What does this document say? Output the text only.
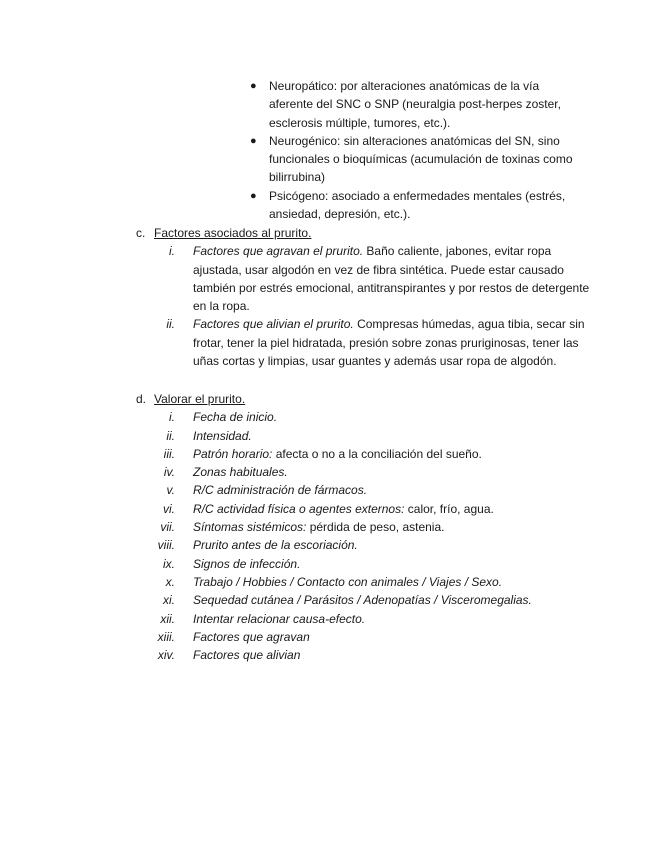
● Neuropático: por alteraciones anatómicas de la vía aferente del SNC o SNP (neuralgia post-herpes zoster, esclerosis múltiple, tumores, etc.).
● Neurogénico: sin alteraciones anatómicas del SN, sino funcionales o bioquímicas (acumulación de toxinas como bilirrubina)
● Psicógeno: asociado a enfermedades mentales (estrés, ansiedad, depresión, etc.).
c. Factores asociados al prurito.
i. Factores que agravan el prurito. Baño caliente, jabones, evitar ropa ajustada, usar algodón en vez de fibra sintética. Puede estar causado también por estrés emocional, antitranspirantes y por restos de detergente en la ropa.
ii. Factores que alivian el prurito. Compresas húmedas, agua tibia, secar sin frotar, tener la piel hidratada, presión sobre zonas pruriginosas, tener las uñas cortas y limpias, usar guantes y además usar ropa de algodón.
d. Valorar el prurito.
i. Fecha de inicio.
ii. Intensidad.
iii. Patrón horario: afecta o no a la conciliación del sueño.
iv. Zonas habituales.
v. R/C administración de fármacos.
vi. R/C actividad física o agentes externos: calor, frío, agua.
vii. Síntomas sistémicos: pérdida de peso, astenia.
viii. Prurito antes de la escoriación.
ix. Signos de infección.
x. Trabajo / Hobbies / Contacto con animales / Viajes / Sexo.
xi. Sequedad cutánea / Parásitos / Adenopatías / Visceromegalias.
xii. Intentar relacionar causa-efecto.
xiii. Factores que agravan
xiv. Factores que alivian
